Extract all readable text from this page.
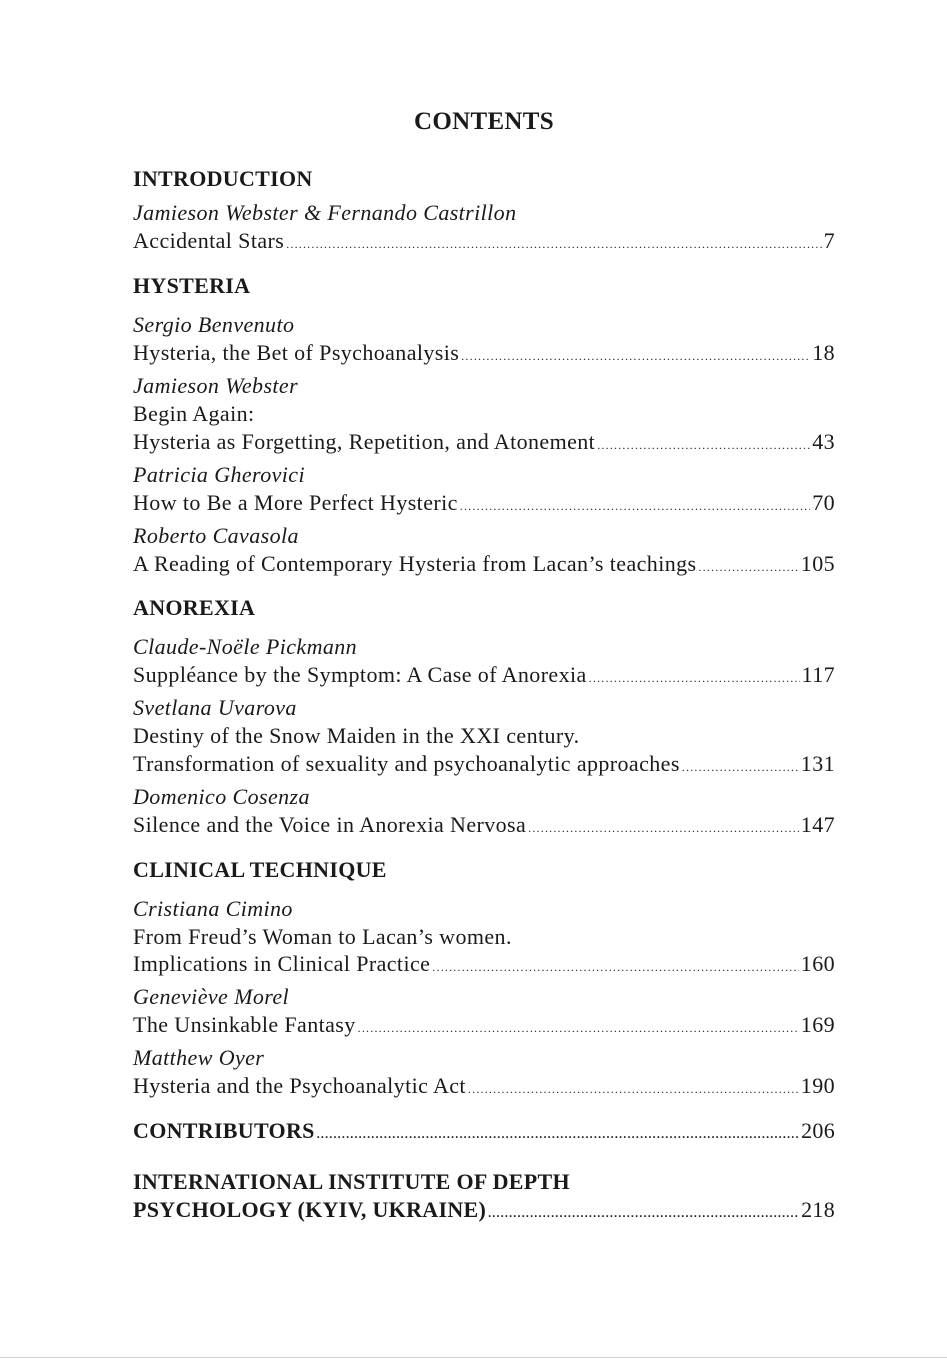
CONTENTS
INTRODUCTION
Jamieson Webster & Fernando Castrillon
Accidental Stars .....	7
HYSTERIA
Sergio Benvenuto
Hysteria, the Bet of Psychoanalysis .....	18
Jamieson Webster
Begin Again:
Hysteria as Forgetting, Repetition, and Atonement .....	43
Patricia Gherovici
How to Be a More Perfect Hysteric .....	70
Roberto Cavasola
A Reading of Contemporary Hysteria from Lacan’s teachings .....	105
ANOREXIA
Claude-Noële Pickmann
Suppléance by the Symptom: A Case of Anorexia .....	117
Svetlana Uvarova
Destiny of the Snow Maiden in the XXI century.
Transformation of sexuality and psychoanalytic approaches .....	131
Domenico Cosenza
Silence and the Voice in Anorexia Nervosa .....	147
CLINICAL TECHNIQUE
Cristiana Cimino
From Freud’s Woman to Lacan’s women.
Implications in Clinical Practice .....	160
Geneviève Morel
The Unsinkable Fantasy .....	169
Matthew Oyer
Hysteria and the Psychoanalytic Act .....	190
CONTRIBUTORS .....	206
INTERNATIONAL INSTITUTE OF DEPTH
PSYCHOLOGY (KYIV, UKRAINE) .....	218
